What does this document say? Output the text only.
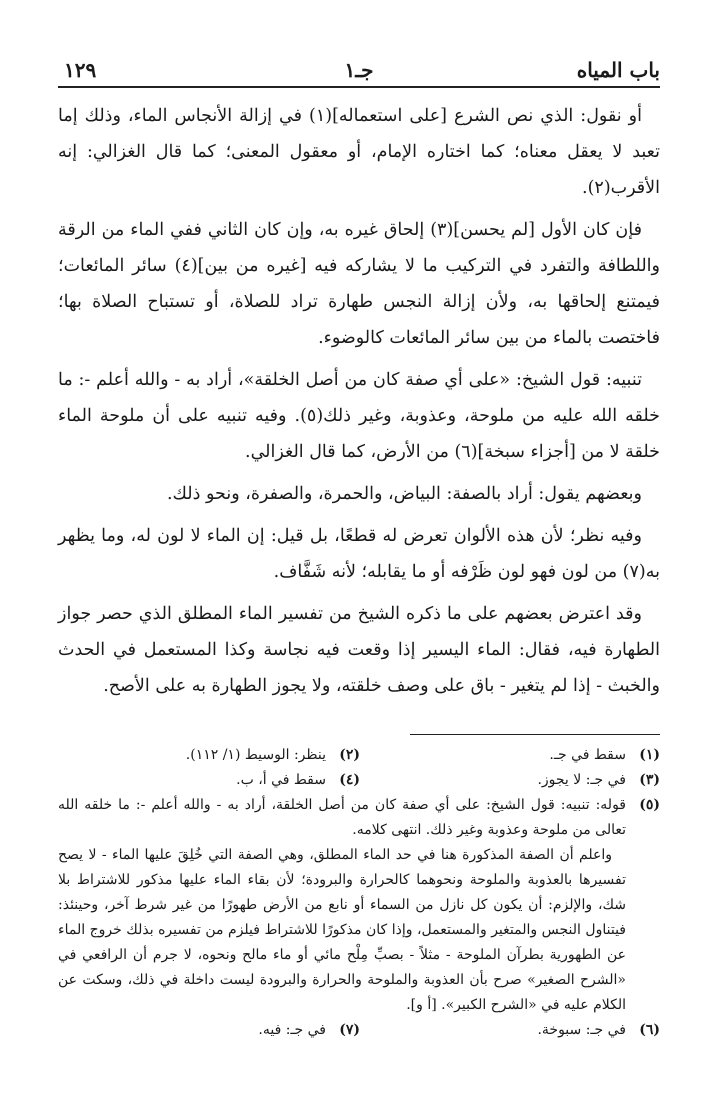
باب المياه
جـ١
١٢٩

أو نقول: الذي نص الشرع [على استعماله](١) في إزالة الأنجاس الماء، وذلك إما تعبد لا يعقل معناه؛ كما اختاره الإمام، أو معقول المعنى؛ كما قال الغزالي: إنه الأقرب(٢).

فإن كان الأول [لم يحسن](٣) إلحاق غيره به، وإن كان الثاني ففي الماء من الرقة واللطافة والتفرد في التركيب ما لا يشاركه فيه [غيره من بين](٤) سائر المائعات؛ فيمتنع إلحاقها به، ولأن إزالة النجس طهارة تراد للصلاة، أو تستباح الصلاة بها؛ فاختصت بالماء من بين سائر المائعات كالوضوء.

تنبيه: قول الشيخ: «على أي صفة كان من أصل الخلقة»، أراد به - والله أعلم -: ما خلقه الله عليه من ملوحة، وعذوبة، وغير ذلك(٥). وفيه تنبيه على أن ملوحة الماء خلقة لا من [أجزاء سبخة](٦) من الأرض، كما قال الغزالي.

وبعضهم يقول: أراد بالصفة: البياض، والحمرة، والصفرة، ونحو ذلك.

وفيه نظر؛ لأن هذه الألوان تعرض له قطعًا، بل قيل: إن الماء لا لون له، وما يظهر به(٧) من لون فهو لون ظَرْفه أو ما يقابله؛ لأنه شَفَّاف.

وقد اعترض بعضهم على ما ذكره الشيخ من تفسير الماء المطلق الذي حصر جواز الطهارة فيه، فقال: الماء اليسير إذا وقعت فيه نجاسة وكذا المستعمل في الحدث والخبث - إذا لم يتغير - باق على وصف خلقته، ولا يجوز الطهارة به على الأصح.

(١)
سقط في جـ.
(٢)
ينظر: الوسيط (١/ ١١٢).
(٣)
في جـ: لا يجوز.
(٤)
سقط في أ، ب.
(٥)

قوله: تنبيه: قول الشيخ: على أي صفة كان من أصل الخلقة، أراد به - والله أعلم -: ما خلقه الله تعالى من ملوحة وعذوبة وغير ذلك. انتهى كلامه.

واعلم أن الصفة المذكورة هنا في حد الماء المطلق، وهي الصفة التي خُلِقَ عليها الماء - لا يصح تفسيرها بالعذوبة والملوحة ونحوهما كالحرارة والبرودة؛ لأن بقاء الماء عليها مذكور للاشتراط بلا شك، والإلزم: أن يكون كل نازل من السماء أو نابع من الأرض طهورًا من غير شرط آخر، وحينئذ: فيتناول النجس والمتغير والمستعمل، وإذا كان مذكورًا للاشتراط فيلزم من تفسيره بذلك خروج الماء عن الطهورية بطرآن الملوحة - مثلاً - بصبِّ مِلْح مائي أو ماء مالح ونحوه، لا جرم أن الرافعي في «الشرح الصغير» صرح بأن العذوبة والملوحة والحرارة والبرودة ليست داخلة في ذلك، وسكت عن الكلام عليه في «الشرح الكبير». [أ و].

(٦)
في جـ: سبوخة.
(٧)
في جـ: فيه.
